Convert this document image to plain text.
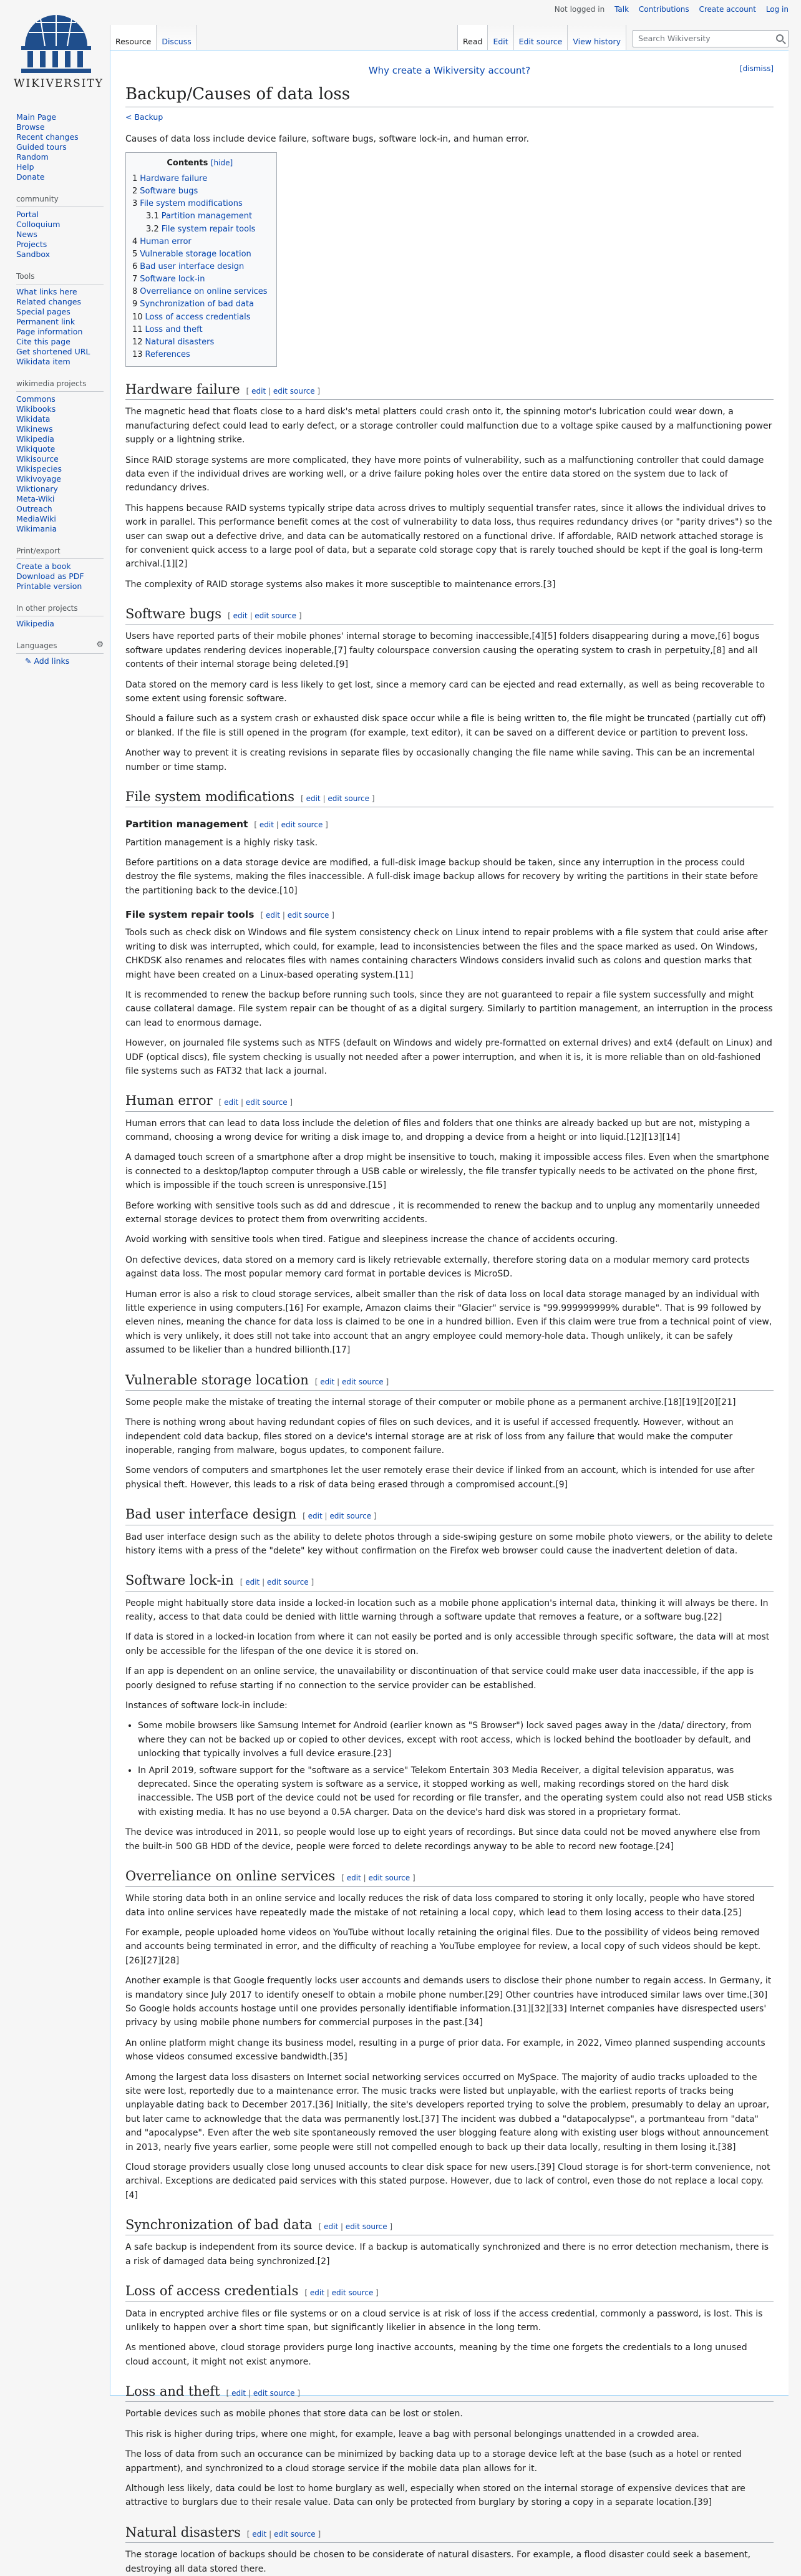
WIKIVERSITY
Not logged in Talk Contributions Create account Log in
Resource Discuss	Read Edit Edit source View history	Search Wikiversity
Main Page
Browse
Recent changes
Guided tours
Random
Help
Donate
community
Portal
Colloquium
News
Projects
Sandbox
Tools
What links here
Related changes
Special pages
Permanent link
Page information
Cite this page
Get shortened URL
Wikidata item
wikimedia projects
Commons
Wikibooks
Wikidata
Wikinews
Wikipedia
Wikiquote
Wikisource
Wikispecies
Wikivoyage
Wiktionary
Meta-Wiki
Outreach
MediaWiki
Wikimania
Print/export
Create a book
Download as PDF
Printable version
In other projects
Wikipedia
Languages	⚙
✎ Add links
Why create a Wikiversity account?	[dismiss]
Backup/Causes of data loss
< Backup

Causes of data loss include device failure, software bugs, software lock-in, and human error.

Contents [hide]
1 Hardware failure
2 Software bugs
3 File system modifications
3.1 Partition management
3.2 File system repair tools
4 Human error
5 Vulnerable storage location
6 Bad user interface design
7 Software lock-in
8 Overreliance on online services
9 Synchronization of bad data
10 Loss of access credentials
11 Loss and theft
12 Natural disasters
13 References
Hardware failure [ edit | edit source ]

The magnetic head that floats close to a hard disk's metal platters could crash onto it, the spinning motor's lubrication could wear down, a manufacturing defect could lead to early defect, or a storage controller could malfunction due to a voltage spike caused by a malfunctioning power supply or a lightning strike.

Since RAID storage systems are more complicated, they have more points of vulnerability, such as a malfunctioning controller that could damage data even if the individual drives are working well, or a drive failure poking holes over the entire data stored on the system due to lack of redundancy drives.

This happens because RAID systems typically stripe data across drives to multiply sequential transfer rates, since it allows the individual drives to work in parallel. This performance benefit comes at the cost of vulnerability to data loss, thus requires redundancy drives (or "parity drives") so the user can swap out a defective drive, and data can be automatically restored on a functional drive. If affordable, RAID network attached storage is for convenient quick access to a large pool of data, but a separate cold storage copy that is rarely touched should be kept if the goal is long-term archival.[1][2]

The complexity of RAID storage systems also makes it more susceptible to maintenance errors.[3]

Software bugs [ edit | edit source ]

Users have reported parts of their mobile phones' internal storage to becoming inaccessible,[4][5] folders disappearing during a move,[6] bogus software updates rendering devices inoperable,[7] faulty colourspace conversion causing the operating system to crash in perpetuity,[8] and all contents of their internal storage being deleted.[9]

Data stored on the memory card is less likely to get lost, since a memory card can be ejected and read externally, as well as being recoverable to some extent using forensic software.

Should a failure such as a system crash or exhausted disk space occur while a file is being written to, the file might be truncated (partially cut off) or blanked. If the file is still opened in the program (for example, text editor), it can be saved on a different device or partition to prevent loss.

Another way to prevent it is creating revisions in separate files by occasionally changing the file name while saving. This can be an incremental number or time stamp.

File system modifications [ edit | edit source ]
Partition management [ edit | edit source ]

Partition management is a highly risky task.

Before partitions on a data storage device are modified, a full-disk image backup should be taken, since any interruption in the process could destroy the file systems, making the files inaccessible. A full-disk image backup allows for recovery by writing the partitions in their state before the partitioning back to the device.[10]

File system repair tools [ edit | edit source ]

Tools such as check disk on Windows and file system consistency check on Linux intend to repair problems with a file system that could arise after writing to disk was interrupted, which could, for example, lead to inconsistencies between the files and the space marked as used. On Windows, CHKDSK also renames and relocates files with names containing characters Windows considers invalid such as colons and question marks that might have been created on a Linux-based operating system.[11]

It is recommended to renew the backup before running such tools, since they are not guaranteed to repair a file system successfully and might cause collateral damage. File system repair can be thought of as a digital surgery. Similarly to partition management, an interruption in the process can lead to enormous damage.

However, on journaled file systems such as NTFS (default on Windows and widely pre-formatted on external drives) and ext4 (default on Linux) and UDF (optical discs), file system checking is usually not needed after a power interruption, and when it is, it is more reliable than on old-fashioned file systems such as FAT32 that lack a journal.

Human error [ edit | edit source ]

Human errors that can lead to data loss include the deletion of files and folders that one thinks are already backed up but are not, mistyping a command, choosing a wrong device for writing a disk image to, and dropping a device from a height or into liquid.[12][13][14]

A damaged touch screen of a smartphone after a drop might be insensitive to touch, making it impossible access files. Even when the smartphone is connected to a desktop/laptop computer through a USB cable or wirelessly, the file transfer typically needs to be activated on the phone first, which is impossible if the touch screen is unresponsive.[15]

Before working with sensitive tools such as dd and ddrescue , it is recommended to renew the backup and to unplug any momentarily unneeded external storage devices to protect them from overwriting accidents.

Avoid working with sensitive tools when tired. Fatigue and sleepiness increase the chance of accidents occuring.

On defective devices, data stored on a memory card is likely retrievable externally, therefore storing data on a modular memory card protects against data loss. The most popular memory card format in portable devices is MicroSD.

Human error is also a risk to cloud storage services, albeit smaller than the risk of data loss on local data storage managed by an individual with little experience in using computers.[16] For example, Amazon claims their "Glacier" service is "99.999999999% durable". That is 99 followed by eleven nines, meaning the chance for data loss is claimed to be one in a hundred billion. Even if this claim were true from a technical point of view, which is very unlikely, it does still not take into account that an angry employee could memory-hole data. Though unlikely, it can be safely assumed to be likelier than a hundred billionth.[17]

Vulnerable storage location [ edit | edit source ]

Some people make the mistake of treating the internal storage of their computer or mobile phone as a permanent archive.[18][19][20][21]

There is nothing wrong about having redundant copies of files on such devices, and it is useful if accessed frequently. However, without an independent cold data backup, files stored on a device's internal storage are at risk of loss from any failure that would make the computer inoperable, ranging from malware, bogus updates, to component failure.

Some vendors of computers and smartphones let the user remotely erase their device if linked from an account, which is intended for use after physical theft. However, this leads to a risk of data being erased through a compromised account.[9]

Bad user interface design [ edit | edit source ]

Bad user interface design such as the ability to delete photos through a side-swiping gesture on some mobile photo viewers, or the ability to delete history items with a press of the "delete" key without confirmation on the Firefox web browser could cause the inadvertent deletion of data.

Software lock-in [ edit | edit source ]

People might habitually store data inside a locked-in location such as a mobile phone application's internal data, thinking it will always be there. In reality, access to that data could be denied with little warning through a software update that removes a feature, or a software bug.[22]

If data is stored in a locked-in location from where it can not easily be ported and is only accessible through specific software, the data will at most only be accessible for the lifespan of the one device it is stored on.

If an app is dependent on an online service, the unavailability or discontinuation of that service could make user data inaccessible, if the app is poorly designed to refuse starting if no connection to the service provider can be established.

Instances of software lock-in include:

• Some mobile browsers like Samsung Internet for Android (earlier known as "S Browser") lock saved pages away in the /data/ directory, from where they can not be backed up or copied to other devices, except with root access, which is locked behind the bootloader by default, and unlocking that typically involves a full device erasure.[23]
• In April 2019, software support for the "software as a service" Telekom Entertain 303 Media Receiver, a digital television apparatus, was deprecated. Since the operating system is software as a service, it stopped working as well, making recordings stored on the hard disk inaccessible. The USB port of the device could not be used for recording or file transfer, and the operating system could also not read USB sticks with existing media. It has no use beyond a 0.5A charger. Data on the device's hard disk was stored in a proprietary format.

The device was introduced in 2011, so people would lose up to eight years of recordings. But since data could not be moved anywhere else from the built-in 500 GB HDD of the device, people were forced to delete recordings anyway to be able to record new footage.[24]

Overreliance on online services [ edit | edit source ]

While storing data both in an online service and locally reduces the risk of data loss compared to storing it only locally, people who have stored data into online services have repeatedly made the mistake of not retaining a local copy, which lead to them losing access to their data.[25]

For example, people uploaded home videos on YouTube without locally retaining the original files. Due to the possibility of videos being removed and accounts being terminated in error, and the difficulty of reaching a YouTube employee for review, a local copy of such videos should be kept.[26][27][28]

Another example is that Google frequently locks user accounts and demands users to disclose their phone number to regain access. In Germany, it is mandatory since July 2017 to identify oneself to obtain a mobile phone number.[29] Other countries have introduced similar laws over time.[30] So Google holds accounts hostage until one provides personally identifiable information.[31][32][33] Internet companies have disrespected users' privacy by using mobile phone numbers for commercial purposes in the past.[34]

An online platform might change its business model, resulting in a purge of prior data. For example, in 2022, Vimeo planned suspending accounts whose videos consumed excessive bandwidth.[35]

Among the largest data loss disasters on Internet social networking services occurred on MySpace. The majority of audio tracks uploaded to the site were lost, reportedly due to a maintenance error. The music tracks were listed but unplayable, with the earliest reports of tracks being unplayable dating back to December 2017.[36] Initially, the site's developers reported trying to solve the problem, presumably to delay an uproar, but later came to acknowledge that the data was permanently lost.[37] The incident was dubbed a "datapocalypse", a portmanteau from "data" and "apocalypse". Even after the web site spontaneously removed the user blogging feature along with existing user blogs without announcement in 2013, nearly five years earlier, some people were still not compelled enough to back up their data locally, resulting in them losing it.[38]

Cloud storage providers usually close long unused accounts to clear disk space for new users.[39] Cloud storage is for short-term convenience, not archival. Exceptions are dedicated paid services with this stated purpose. However, due to lack of control, even those do not replace a local copy.[4]

Synchronization of bad data [ edit | edit source ]

A safe backup is independent from its source device. If a backup is automatically synchronized and there is no error detection mechanism, there is a risk of damaged data being synchronized.[2]

Loss of access credentials [ edit | edit source ]

Data in encrypted archive files or file systems or on a cloud service is at risk of loss if the access credential, commonly a password, is lost. This is unlikely to happen over a short time span, but significantly likelier in absence in the long term.

As mentioned above, cloud storage providers purge long inactive accounts, meaning by the time one forgets the credentials to a long unused cloud account, it might not exist anymore.

Loss and theft [ edit | edit source ]

Portable devices such as mobile phones that store data can be lost or stolen.

This risk is higher during trips, where one might, for example, leave a bag with personal belongings unattended in a crowded area.

The loss of data from such an occurance can be minimized by backing data up to a storage device left at the base (such as a hotel or rented appartment), and synchronized to a cloud storage service if the mobile data plan allows for it.

Although less likely, data could be lost to home burglary as well, especially when stored on the internal storage of expensive devices that are attractive to burglars due to their resale value. Data can only be protected from burglary by storing a copy in a separate location.[39]

Natural disasters [ edit | edit source ]

The storage location of backups should be chosen to be considerate of natural disasters. For example, a flood disaster could seek a basement, destroying all data stored there.
